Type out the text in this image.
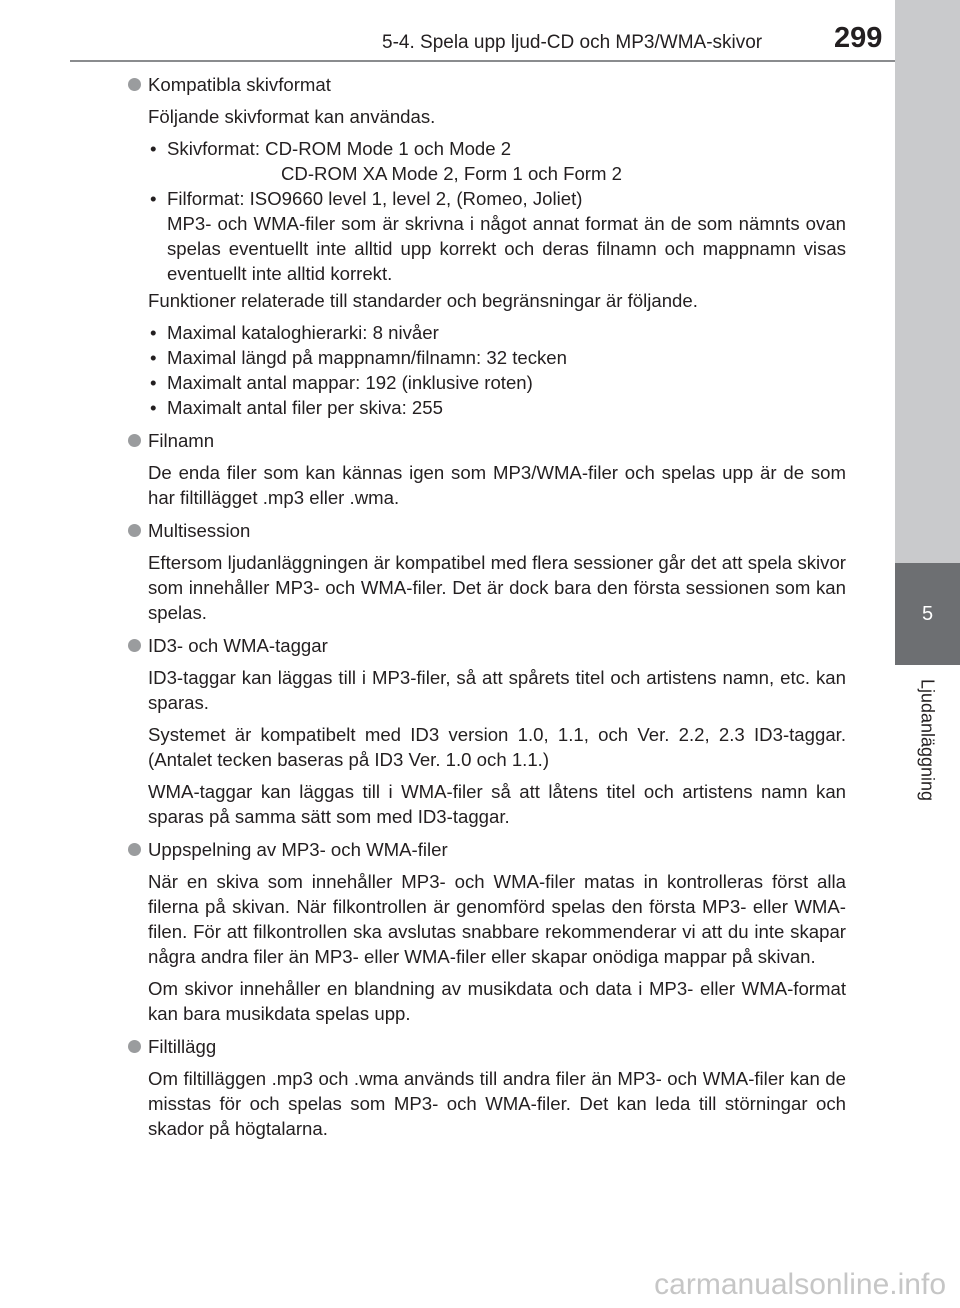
5-4. Spela upp ljud-CD och MP3/WMA-skivor 299
5
Ljudanläggning

Kompatibla skivformat

Följande skivformat kan användas.

• Skivformat: CD-ROM Mode 1 och Mode 2
CD-ROM XA Mode 2, Form 1 och Form 2
• Filformat: ISO9660 level 1, level 2, (Romeo, Joliet)
MP3- och WMA-filer som är skrivna i något annat format än de som nämnts ovan spelas eventuellt inte alltid upp korrekt och deras filnamn och mappnamn visas eventuellt inte alltid korrekt.

Funktioner relaterade till standarder och begränsningar är följande.

• Maximal kataloghierarki: 8 nivåer
• Maximal längd på mappnamn/filnamn: 32 tecken
• Maximalt antal mappar: 192 (inklusive roten)
• Maximalt antal filer per skiva: 255

Filnamn

De enda filer som kan kännas igen som MP3/WMA-filer och spelas upp är de som har filtillägget .mp3 eller .wma.

Multisession

Eftersom ljudanläggningen är kompatibel med flera sessioner går det att spela skivor som innehåller MP3- och WMA-filer. Det är dock bara den första sessionen som kan spelas.

ID3- och WMA-taggar

ID3-taggar kan läggas till i MP3-filer, så att spårets titel och artistens namn, etc. kan sparas.

Systemet är kompatibelt med ID3 version 1.0, 1.1, och Ver. 2.2, 2.3 ID3-taggar. (Antalet tecken baseras på ID3 Ver. 1.0 och 1.1.)

WMA-taggar kan läggas till i WMA-filer så att låtens titel och artistens namn kan sparas på samma sätt som med ID3-taggar.

Uppspelning av MP3- och WMA-filer

När en skiva som innehåller MP3- och WMA-filer matas in kontrolleras först alla filerna på skivan. När filkontrollen är genomförd spelas den första MP3- eller WMA-filen. För att filkontrollen ska avslutas snabbare rekommenderar vi att du inte skapar några andra filer än MP3- eller WMA-filer eller skapar onödiga mappar på skivan.

Om skivor innehåller en blandning av musikdata och data i MP3- eller WMA-format kan bara musikdata spelas upp.

Filtillägg

Om filtilläggen .mp3 och .wma används till andra filer än MP3- och WMA-filer kan de misstas för och spelas som MP3- och WMA-filer. Det kan leda till störningar och skador på högtalarna.

carmanualsonline.info
